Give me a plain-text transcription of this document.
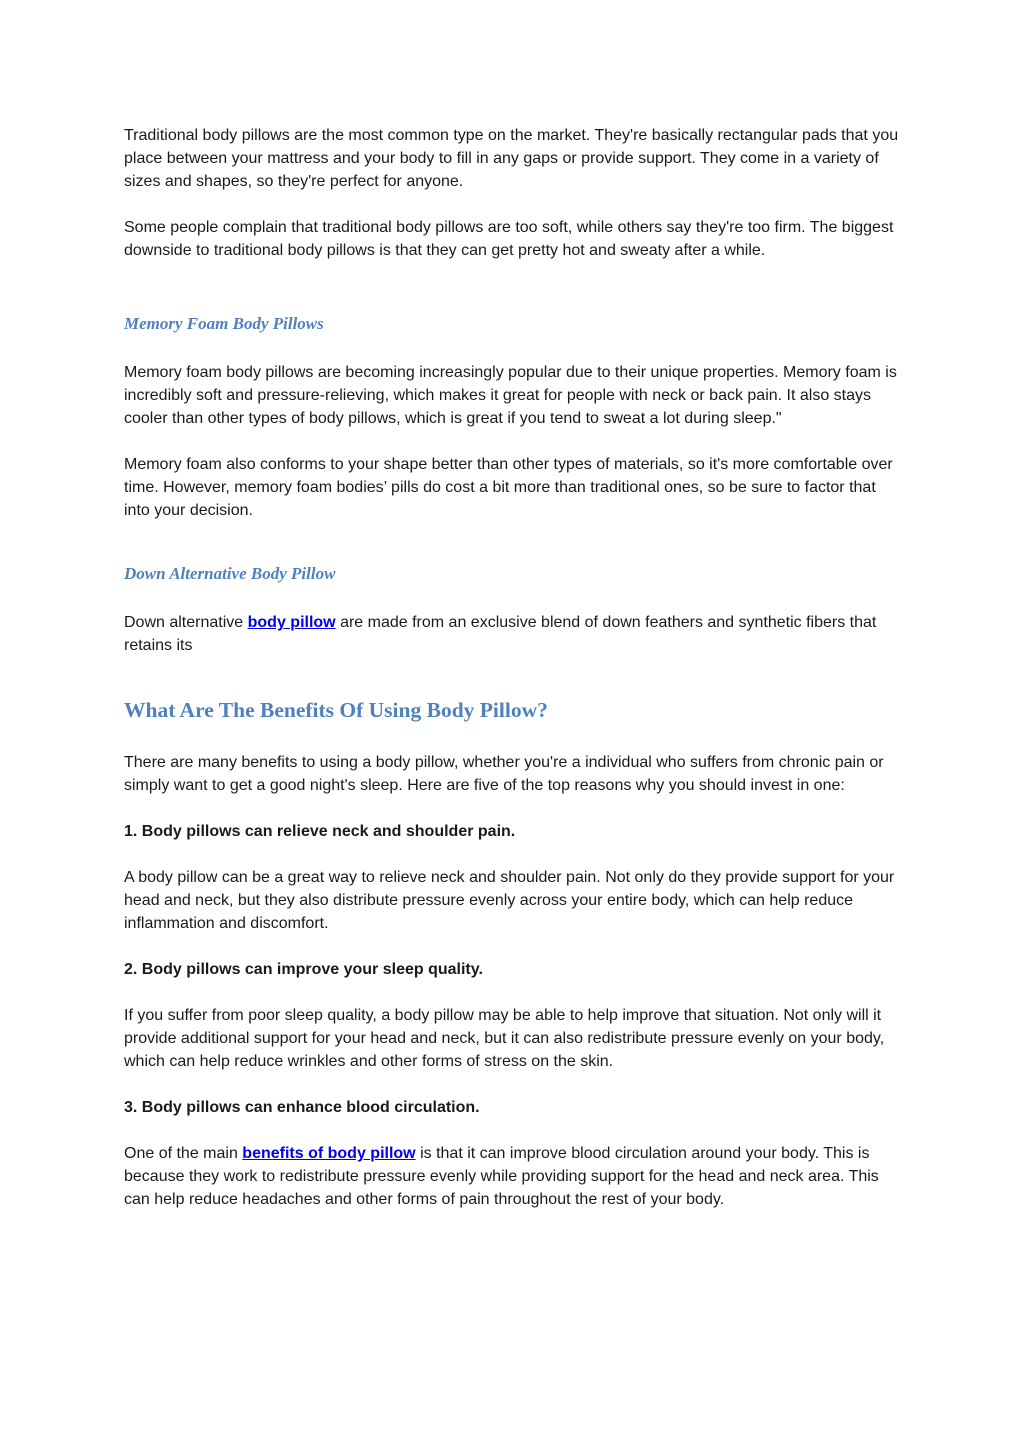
Traditional body pillows are the most common type on the market. They're basically rectangular pads that you place between your mattress and your body to fill in any gaps or provide support. They come in a variety of sizes and shapes, so they're perfect for anyone.

Some people complain that traditional body pillows are too soft, while others say they're too firm. The biggest downside to traditional body pillows is that they can get pretty hot and sweaty after a while.

Memory Foam Body Pillows

Memory foam body pillows are becoming increasingly popular due to their unique properties. Memory foam is incredibly soft and pressure-relieving, which makes it great for people with neck or back pain. It also stays cooler than other types of body pillows, which is great if you tend to sweat a lot during sleep."

Memory foam also conforms to your shape better than other types of materials, so it's more comfortable over time. However, memory foam bodies’ pills do cost a bit more than traditional ones, so be sure to factor that into your decision.

Down Alternative Body Pillow

Down alternative body pillow are made from an exclusive blend of down feathers and synthetic fibers that retains its

What Are The Benefits Of Using Body Pillow?

There are many benefits to using a body pillow, whether you're a individual who suffers from chronic pain or simply want to get a good night's sleep. Here are five of the top reasons why you should invest in one:

1. Body pillows can relieve neck and shoulder pain.

A body pillow can be a great way to relieve neck and shoulder pain. Not only do they provide support for your head and neck, but they also distribute pressure evenly across your entire body, which can help reduce inflammation and discomfort.

2. Body pillows can improve your sleep quality.

If you suffer from poor sleep quality, a body pillow may be able to help improve that situation. Not only will it provide additional support for your head and neck, but it can also redistribute pressure evenly on your body, which can help reduce wrinkles and other forms of stress on the skin.

3. Body pillows can enhance blood circulation.

One of the main benefits of body pillow is that it can improve blood circulation around your body. This is because they work to redistribute pressure evenly while providing support for the head and neck area. This can help reduce headaches and other forms of pain throughout the rest of your body.
